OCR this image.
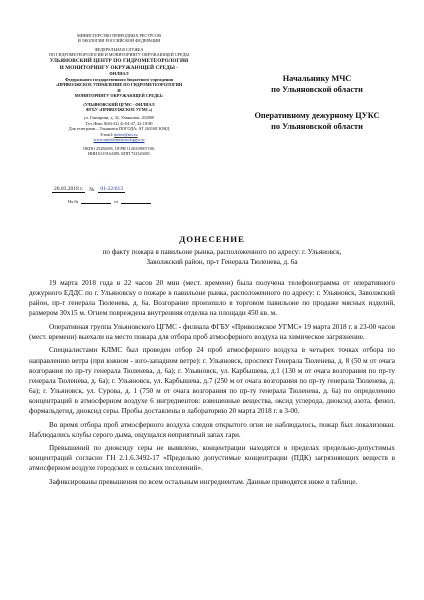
МИНИСТЕРСТВО ПРИРОДНЫХ РЕСУРСОВ
И ЭКОЛОГИИ РОССИЙСКОЙ ФЕДЕРАЦИИ
ФЕДЕРАЛЬНАЯ СЛУЖБА
ПО ГИДРОМЕТЕОРОЛОГИИ И МОНИТОРИНГУ ОКРУЖАЮЩЕЙ СРЕДЫ
УЛЬЯНОВСКИЙ ЦЕНТР ПО ГИДРОМЕТЕОРОЛОГИИ
И МОНИТОРИНГУ ОКРУЖАЮЩЕЙ СРЕДЫ -
ФИЛИАЛ
Федерального государственного бюджетного учреждения
«ПРИВОЛЖСКОЕ УПРАВЛЕНИЕ ПО ГИДРОМЕТЕОРОЛОГИИ
И
МОНИТОРИНГУ ОКРУЖАЮЩЕЙ СРЕДЫ»
(УЛЬЯНОВСКИЙ ЦГМС - ФИЛИАЛ
ФГБУ «ПРИВОЛЖСКОЕ УГМС»)
ул. Гончарова, д. 32, Ульяновск, 432000
Тел./Факс 8(84-22) 41-04-47, 42-18-80
Для телеграмм – Ульяновск ПОГОДА; АТ 263168 ЗОНД
E-mail: meteo@mv.ru
www.simbirsmeteorologiya.ru
ОКПО 25282695, ОГРН 1126319007180,
ИНН 6319164389, КПП 732543001
20.03.2018 г.	№	01-22/613
На №	от
Начальнику МЧС
по Ульяновской области
Оперативному дежурному ЦУКС
по Ульяновской области
ДОНЕСЕНИЕ
по факту пожара в павильоне рынка, расположенного по адресу: г. Ульяновск, Заволжский район, пр-т Генерала Тюленева, д. 6а

19 марта 2018 года в 22 часов 20 мин (мест. времени) была получена телефонограмма от оперативного дежурного ЕДДС по г. Ульяновску о пожаре в павильоне рынка, расположенного по адресу: г. Ульяновск, Заволжский район, пр-т генерала Тюленева, д. 6а. Возгорание произошло в торговом павильоне по продаже мясных изделий, размером 30х15 м. Огнем повреждена внутренняя отделка на площади 450 кв. м.

Оперативная группа Ульяновского ЦГМС - филиала ФГБУ «Приволжское УГМС» 19 марта 2018 г. в 23-00 часов (мест. времени) выехали на место пожара для отбора проб атмосферного воздуха на химическое загрязнение.

Специалистами КЛМС был проведен отбор 24 проб атмосферного воздуха в четырех точках отбора по направлению ветра (при южном - юго-западном ветре): г. Ульяновск, проспект Генерала Тюленева, д. 8 (50 м от очага возгорания по пр-ту генерала Тюленева, д. 6а); г. Ульяновск, ул. Карбышева, д.1 (130 м от очага возгорания по пр-ту генерала Тюленева, д. 6а); г. Ульяновск, ул. Карбышева, д.7 (250 м от очага возгорания по пр-ту генерала Тюленева, д. 6а); г. Ульяновск, ул. Сурова, д. 1 (750 м от очага возгорания по пр-ту генерала Тюленева, д. 6а) по определению концентраций в атмосферном воздухе 6 ингредиентов: взвешенные вещества, оксид углерода, диоксид азота, фенол, формальдегид, диоксид серы. Пробы доставлены в лабораторию 20 марта 2018 г. в 3-00.

Во время отбора проб атмосферного воздуха следов открытого огня не наблюдалось, пожар был локализован. Наблюдались клубы серого дыма, ощущался неприятный запах гари.

Превышений по диоксиду серы не выявлено, концентрации находятся в пределах предельно-допустимых концентраций согласно ГН 2.1.6.3492-17 «Предельно допустимые концентрации (ПДК) загрязняющих веществ в атмосферном воздухе городских и сельских поселений».

Зафиксированы превышения по всем остальным ингредиентам. Данные приводятся ниже в таблице.
